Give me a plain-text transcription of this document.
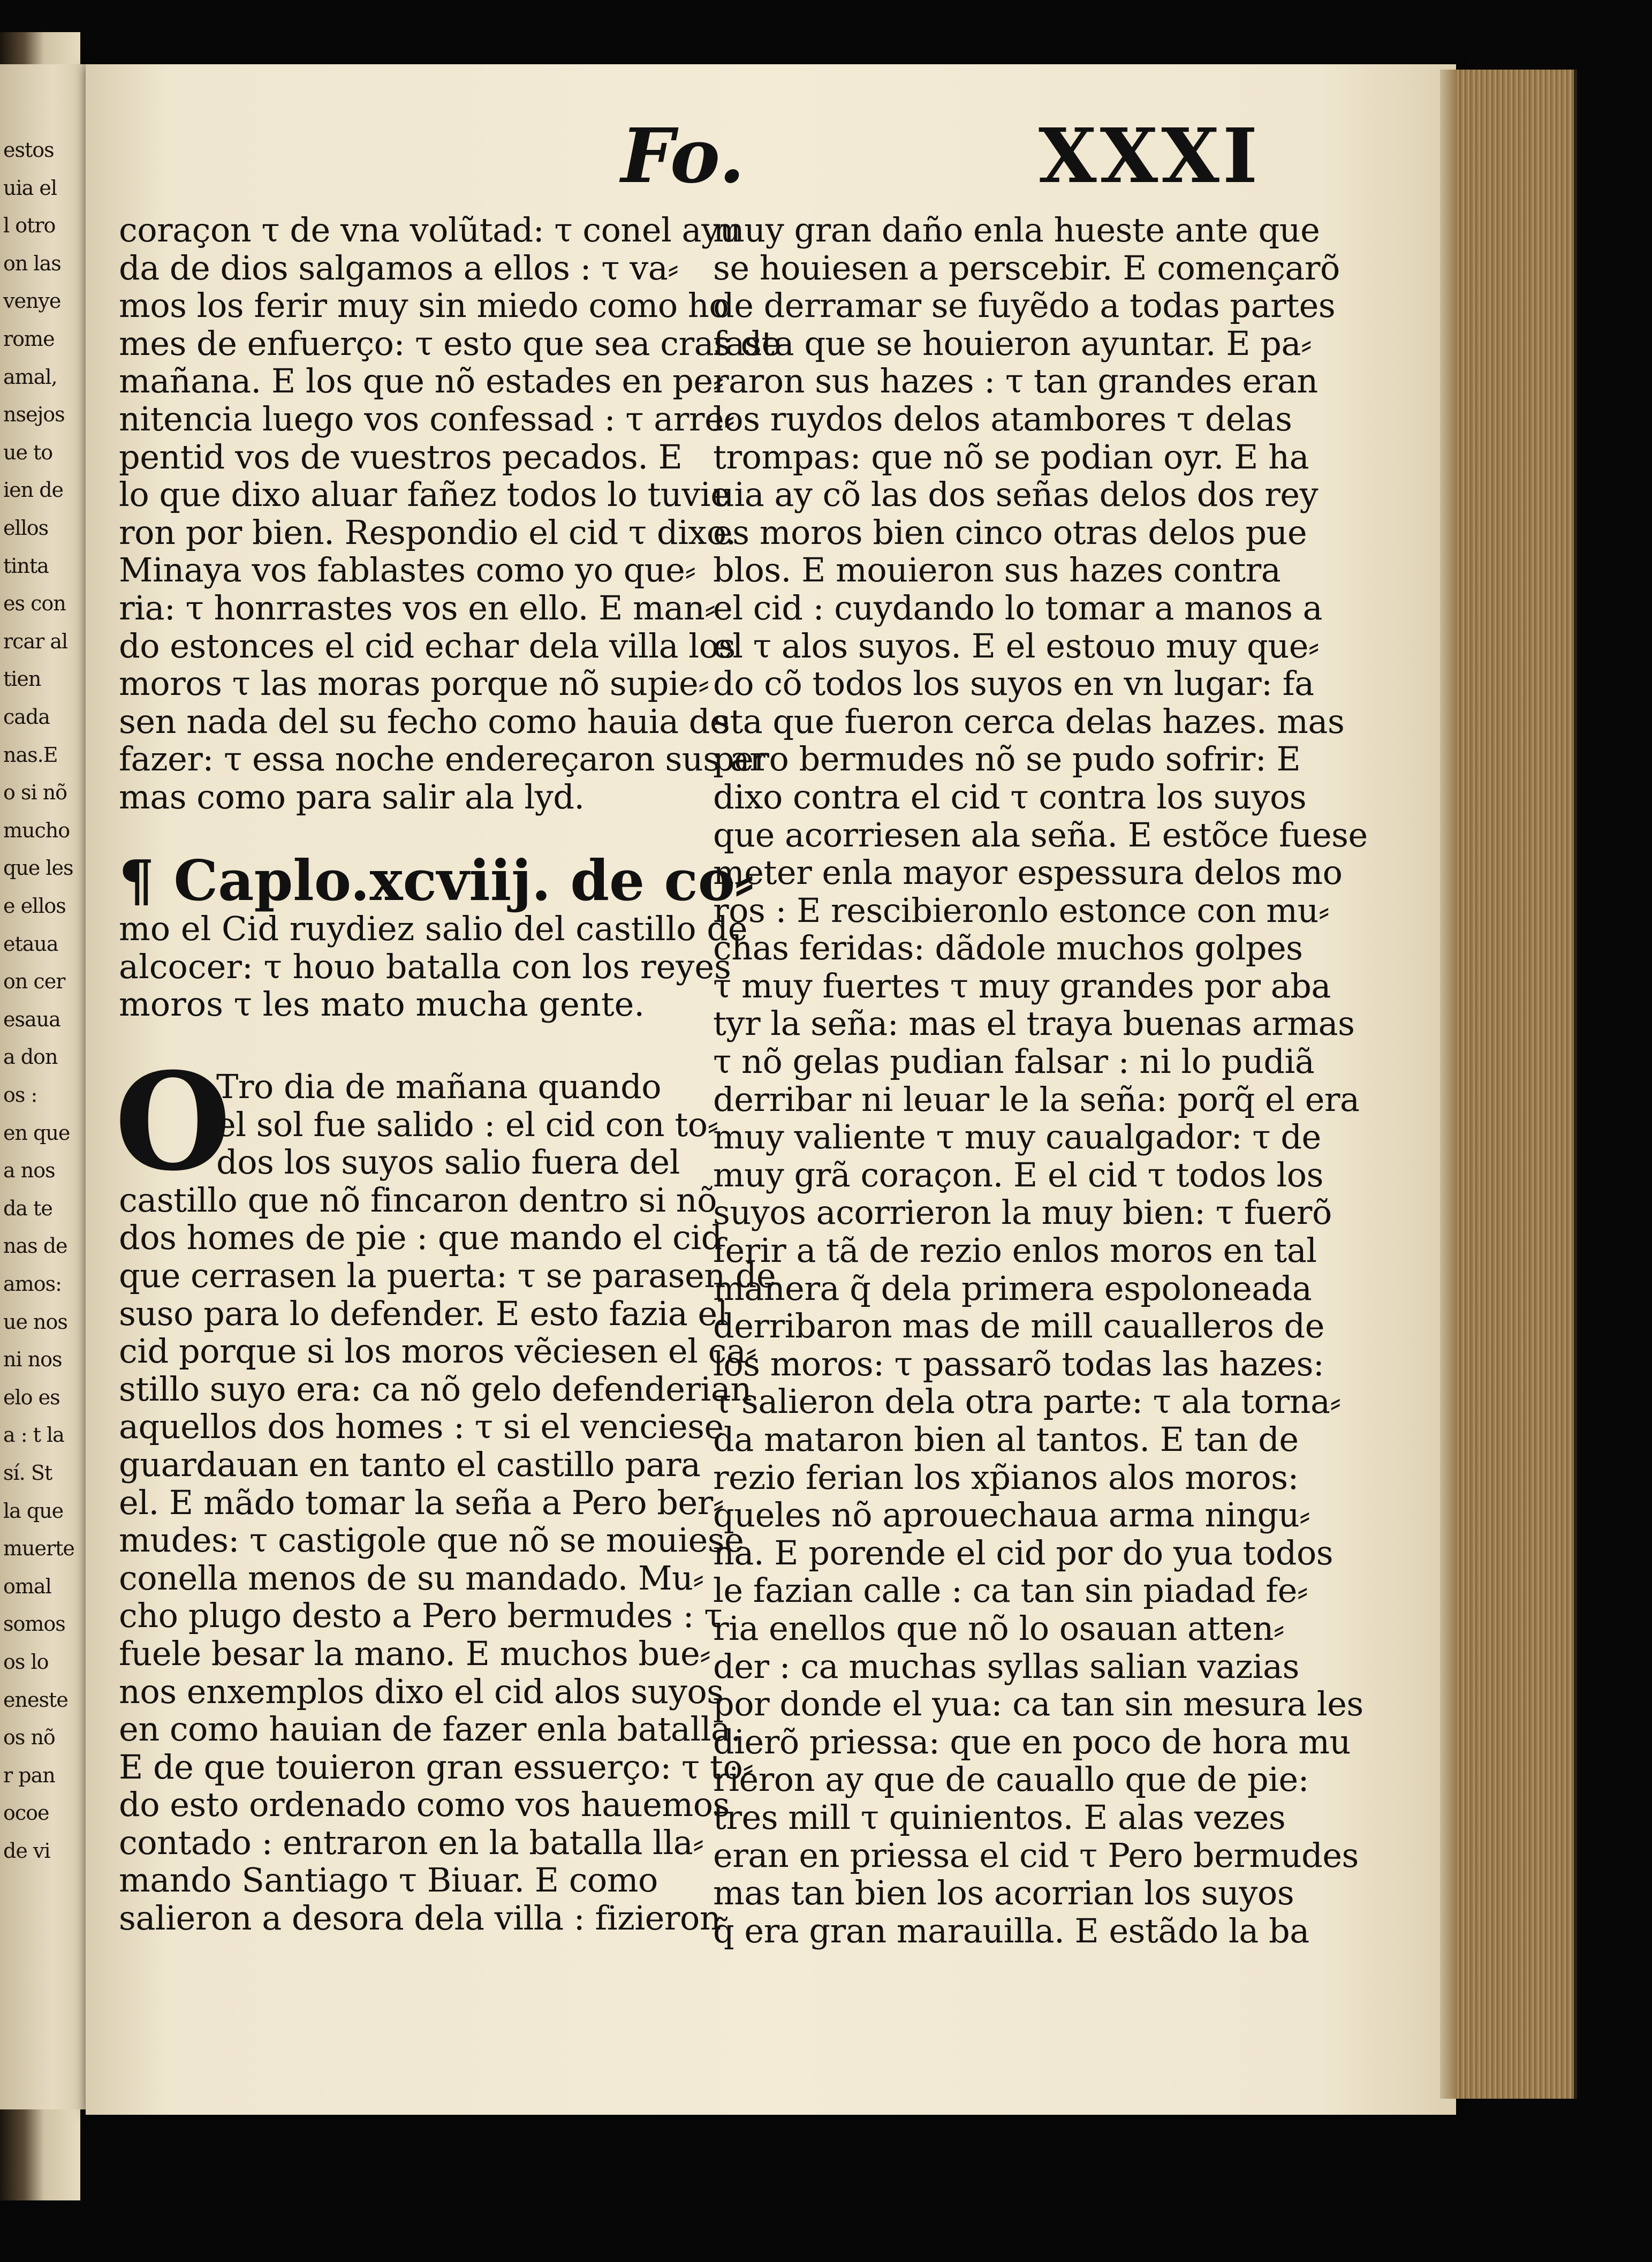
estos
uia el
l otro
on las
venye
rome
amal,
nsejos
ue to
ien de
ellos
tinta
es con
rcar al
tien
cada
nas.E
o si nõ
mucho
que les
e ellos
etaua
on cer
esaua
a don
os :
en que
a nos
da te
nas de
amos:
ue nos
ni nos
elo es
a : t la
sí. St
la que
muerte
omal
somos
os lo
eneste
os nõ
r pan
ocoe
de vi
Fo.	XXXI
coraçon τ de vna volũtad: τ conel ayu
da de dios salgamos a ellos : τ va⸗
mos los ferir muy sin miedo como ho
mes de enfuerço: τ esto que sea cras de
mañana. E los que nõ estades en pe⸗
nitencia luego vos confessad : τ arre⸗
pentid vos de vuestros pecados. E
lo que dixo aluar fañez todos lo tuvie
ron por bien. Respondio el cid τ dixo.
Minaya vos fablastes como yo que⸗
ria: τ honrrastes vos en ello. E man⸗
do estonces el cid echar dela villa los
moros τ las moras porque nõ supie⸗
sen nada del su fecho como hauia de
fazer: τ essa noche endereçaron sus ar
mas como para salir ala lyd.
¶ Caplo.xcviij. de co⸗
mo el Cid ruydiez salio del castillo de
alcocer: τ houo batalla con los reyes
moros τ les mato mucha gente.
O
Tro dia de mañana quando
el sol fue salido : el cid con to⸗
dos los suyos salio fuera del
castillo que nõ fincaron dentro si nõ
dos homes de pie : que mando el cid
que cerrasen la puerta: τ se parasen de
suso para lo defender. E esto fazia el
cid porque si los moros vẽciesen el ca⸗
stillo suyo era: ca nõ gelo defenderian
aquellos dos homes : τ si el venciese
guardauan en tanto el castillo para
el. E mãdo tomar la seña a Pero ber⸗
mudes: τ castigole que nõ se mouiese
conella menos de su mandado. Mu⸗
cho plugo desto a Pero bermudes : τ
fuele besar la mano. E muchos bue⸗
nos enxemplos dixo el cid alos suyos
en como hauian de fazer enla batalla.
E de que touieron gran essuerço: τ to⸗
do esto ordenado como vos hauemos
contado : entraron en la batalla lla⸗
mando Santiago τ Biuar. E como
salieron a desora dela villa : fizieron
muy gran daño enla hueste ante que
se houiesen a perscebir. E començarõ
de derramar se fuyẽdo a todas partes
fasta que se houieron ayuntar. E pa⸗
raron sus hazes : τ tan grandes eran
los ruydos delos atambores τ delas
trompas: que nõ se podian oyr. E ha
uia ay cõ las dos señas delos dos rey
es moros bien cinco otras delos pue
blos. E mouieron sus hazes contra
el cid : cuydando lo tomar a manos a
el τ alos suyos. E el estouo muy que⸗
do cõ todos los suyos en vn lugar: fa
sta que fueron cerca delas hazes. mas
pero bermudes nõ se pudo sofrir: E
dixo contra el cid τ contra los suyos
que acorriesen ala seña. E estõce fuese
meter enla mayor espessura delos mo
ros : E rescibieronlo estonce con mu⸗
chas feridas: dãdole muchos golpes
τ muy fuertes τ muy grandes por aba
tyr la seña: mas el traya buenas armas
τ nõ gelas pudian falsar : ni lo pudiã
derribar ni leuar le la seña: porq̃ el era
muy valiente τ muy caualgador: τ de
muy grã coraçon. E el cid τ todos los
suyos acorrieron la muy bien: τ fuerõ
ferir a tã de rezio enlos moros en tal
manera q̃ dela primera espoloneada
derribaron mas de mill caualleros de
los moros: τ passarõ todas las hazes:
τ salieron dela otra parte: τ ala torna⸗
da mataron bien al tantos. E tan de
rezio ferian los xp̃ianos alos moros:
queles nõ aprouechaua arma ningu⸗
na. E porende el cid por do yua todos
le fazian calle : ca tan sin piadad fe⸗
ria enellos que nõ lo osauan atten⸗
der : ca muchas syllas salian vazias
por donde el yua: ca tan sin mesura les
dierõ priessa: que en poco de hora mu
rieron ay que de cauallo que de pie:
tres mill τ quinientos. E alas vezes
eran en priessa el cid τ Pero bermudes
mas tan bien los acorrian los suyos
q̃ era gran marauilla. E estãdo la ba
